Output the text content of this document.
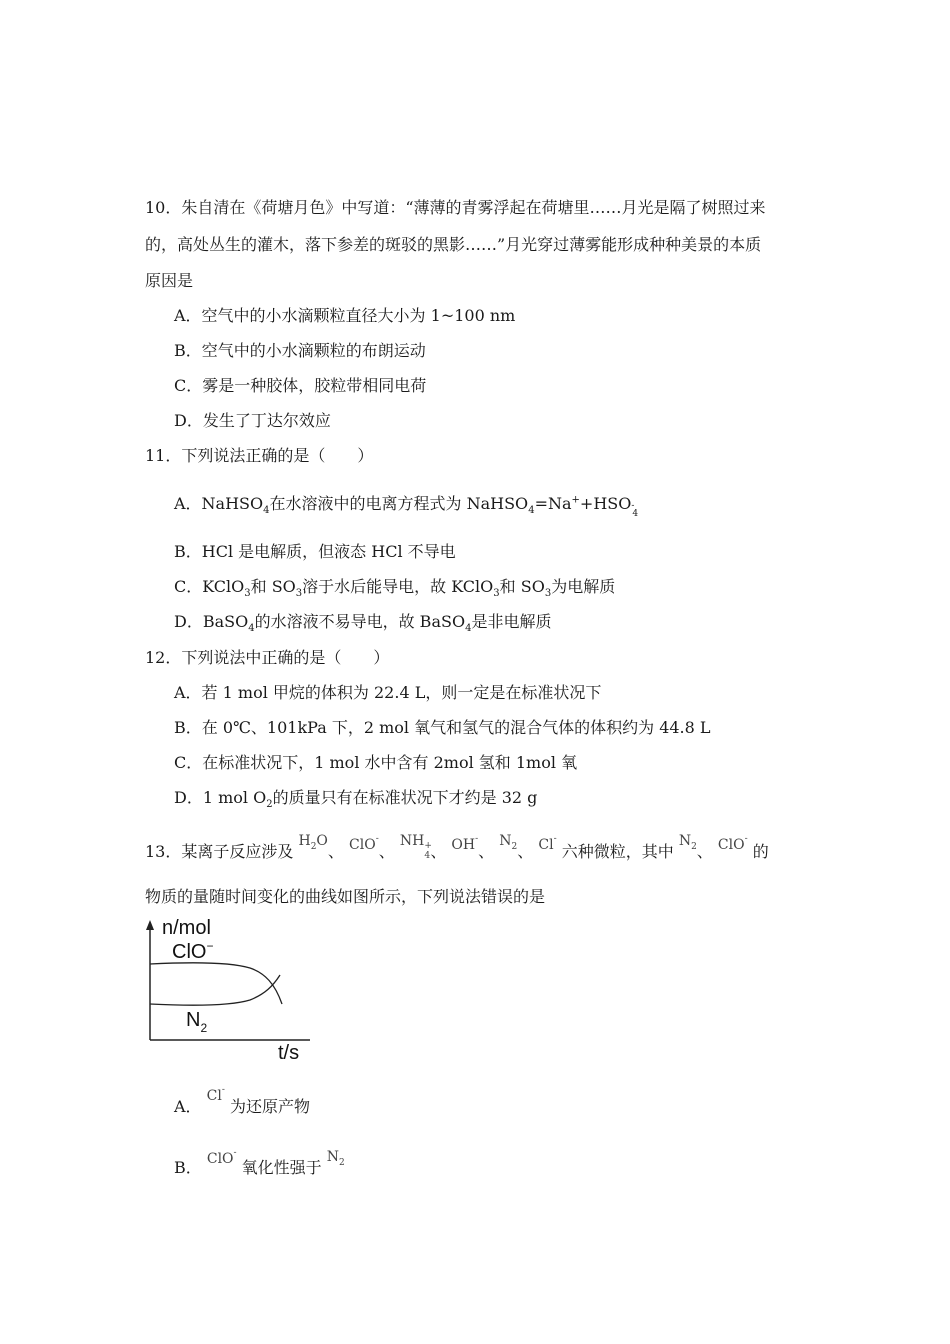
10．朱自清在《荷塘月色》中写道：“薄薄的青雾浮起在荷塘里……月光是隔了树照过来
的，高处丛生的灌木，落下参差的斑驳的黑影……”月光穿过薄雾能形成种种美景的本质
原因是
A．空气中的小水滴颗粒直径大小为 1~100 nm
B．空气中的小水滴颗粒的布朗运动
C．雾是一种胶体，胶粒带相同电荷
D．发生了丁达尔效应
11．下列说法正确的是（　　）
A．NaHSO$_4$在水溶液中的电离方程式为 NaHSO$_4$=Na++HSO -
4
B．HCl 是电解质，但液态 HCl 不导电
C．KClO$_3$和 $SO_3$溶于水后能导电，故 KClO$_3$和 $SO_3$为电解质
D．BaSO$_4$的水溶液不易导电，故 BaSO$_4$是非电解质
12．下列说法中正确的是（　　）
A．若 1 mol 甲烷的体积为 22.4 L，则一定是在标准状况下
B．在 0℃、101kPa 下，2 mol 氧气和氢气的混合气体的体积约为 44.8 L
C．在标准状况下，1 mol 水中含有 2mol 氢和 1mol 氧
D．1 mol $O_2$的质量只有在标准状况下才约是 32 g
13．某离子反应涉及 $H_2O$、 ClO-、 NH +
4 、 OH-、 $N_2$、 Cl- 六种微粒，其中 $N_2$、 ClO- 的
物质的量随时间变化的曲线如图所示，下列说法错误的是
n/mol
t/s
ClO−
$N_2$
A． Cl- 为还原产物
B． ClO- 氧化性强于 $N_2$
